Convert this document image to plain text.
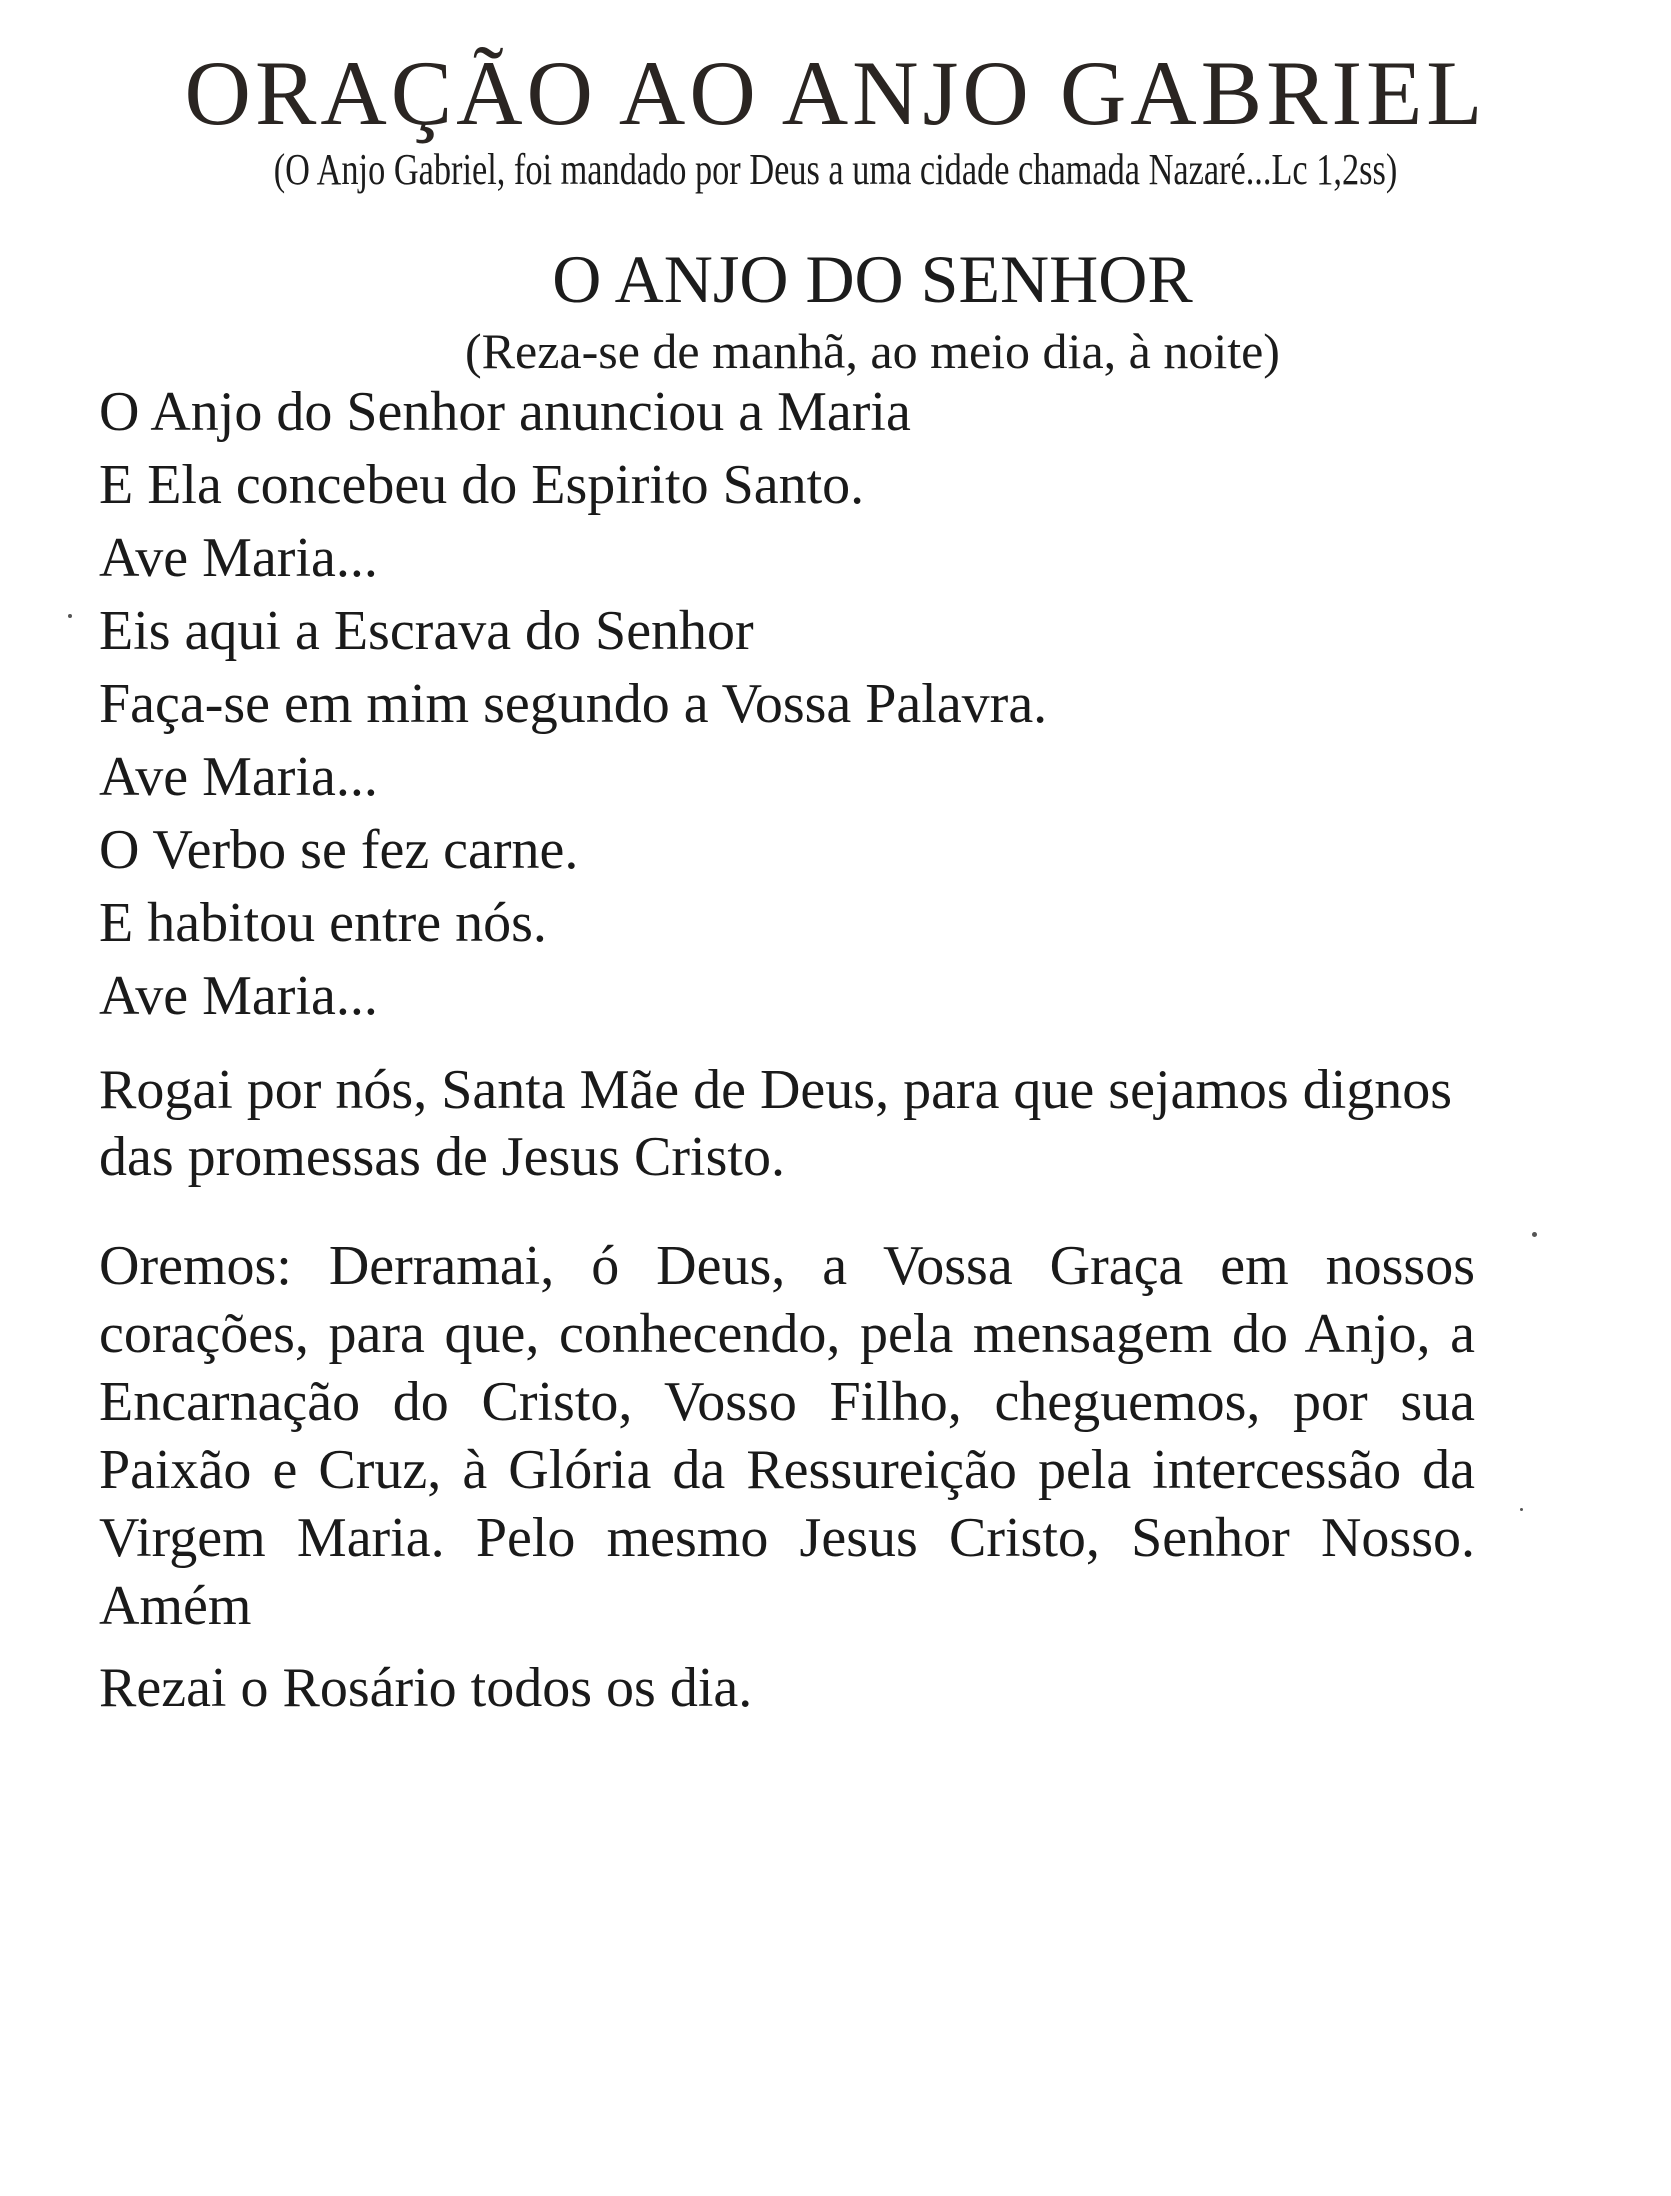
ORAÇÃO AO ANJO GABRIEL
(O Anjo Gabriel, foi mandado por Deus a uma cidade chamada Nazaré...Lc 1,2ss)
O ANJO DO SENHOR
(Reza-se de manhã, ao meio dia, à noite)
O Anjo do Senhor anunciou a Maria
E Ela concebeu do Espirito Santo.
Ave Maria...
Eis aqui a Escrava do Senhor
Faça-se em mim segundo a Vossa Palavra.
Ave Maria...
O Verbo se fez carne.
E habitou entre nós.
Ave Maria...
Rogai por nós, Santa Mãe de Deus, para que sejamos dignos das promessas de Jesus Cristo.
Oremos: Derramai, ó Deus, a Vossa Graça em nossos corações, para que, conhecendo, pela mensagem do Anjo, a Encarnação do Cristo, Vosso Filho, cheguemos, por sua Paixão e Cruz, à Glória da Ressureição pela intercessão da Virgem Maria. Pelo mesmo Jesus Cristo, Senhor Nosso. Amém
Rezai o Rosário todos os dia.
